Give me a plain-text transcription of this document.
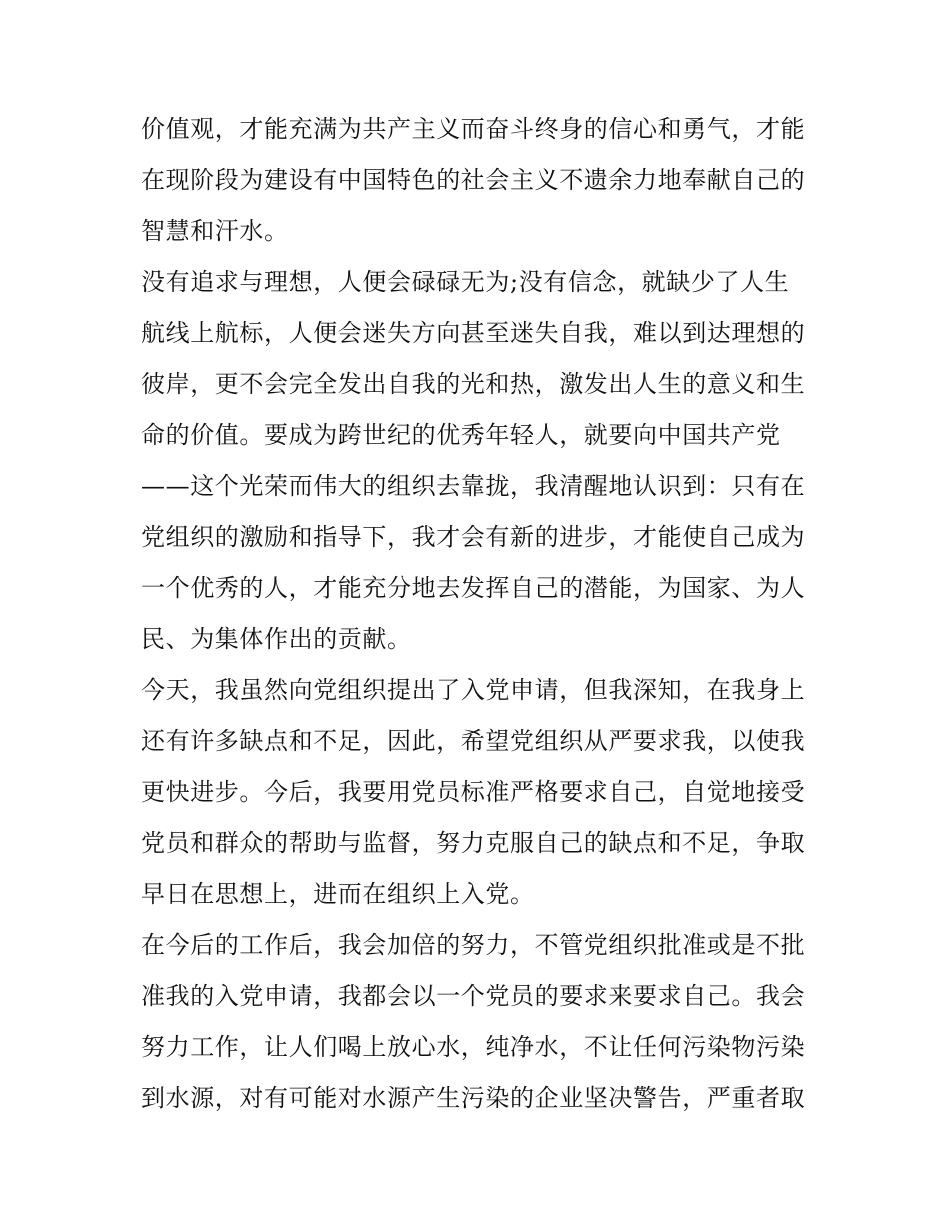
价值观，才能充满为共产主义而奋斗终身的信心和勇气，才能
在现阶段为建设有中国特色的社会主义不遗余力地奉献自己的
智慧和汗水。
没有追求与理想，人便会碌碌无为;没有信念，就缺少了人生
航线上航标，人便会迷失方向甚至迷失自我，难以到达理想的
彼岸，更不会完全发出自我的光和热，激发出人生的意义和生
命的价值。要成为跨世纪的优秀年轻人，就要向中国共产党
——这个光荣而伟大的组织去靠拢，我清醒地认识到：只有在
党组织的激励和指导下，我才会有新的进步，才能使自己成为
一个优秀的人，才能充分地去发挥自己的潜能，为国家、为人
民、为集体作出的贡献。
今天，我虽然向党组织提出了入党申请，但我深知，在我身上
还有许多缺点和不足，因此，希望党组织从严要求我，以使我
更快进步。今后，我要用党员标准严格要求自己，自觉地接受
党员和群众的帮助与监督，努力克服自己的缺点和不足，争取
早日在思想上，进而在组织上入党。
在今后的工作后，我会加倍的努力，不管党组织批准或是不批
准我的入党申请，我都会以一个党员的要求来要求自己。我会
努力工作，让人们喝上放心水，纯净水，不让任何污染物污染
到水源，对有可能对水源产生污染的企业坚决警告，严重者取
